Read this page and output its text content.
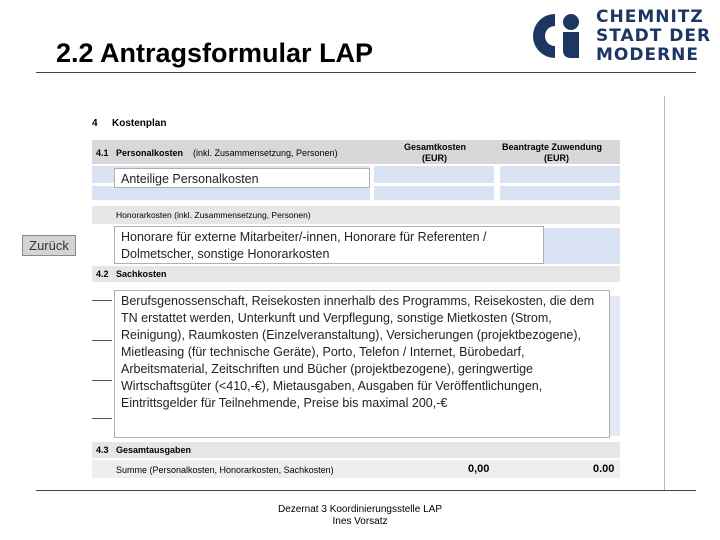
2.2 Antragsformular LAP
CHEMNITZ
STADT DER
MODERNE
4 Kostenplan
4.1 Personalkosten (inkl. Zusammensetzung, Personen)
Gesamtkosten
(EUR)
Beantragte Zuwendung
(EUR)
Anteilige Personalkosten
Honorarkosten (inkl. Zusammensetzung, Personen)
Honorare für externe Mitarbeiter/-innen, Honorare für Referenten / Dolmetscher, sonstige Honorarkosten
4.2 Sachkosten
Berufsgenossenschaft, Reisekosten innerhalb des Programms, Reisekosten, die dem TN erstattet werden, Unterkunft und Verpflegung, sonstige Mietkosten (Strom, Reinigung), Raumkosten (Einzelveranstaltung), Versicherungen (projektbezogene), Mietleasing (für technische Geräte), Porto, Telefon / Internet, Bürobedarf, Arbeitsmaterial, Zeitschriften und Bücher (projektbezogene), geringwertige Wirtschaftsgüter (<410,-€), Mietausgaben, Ausgaben für Veröffentlichungen, Eintrittsgelder für Teilnehmende, Preise bis maximal 200,-€
4.3 Gesamtausgaben
Summe (Personalkosten, Honorarkosten, Sachkosten)	0,00	0.00
Zurück
Dezernat 3 Koordinierungsstelle LAP
Ines Vorsatz
